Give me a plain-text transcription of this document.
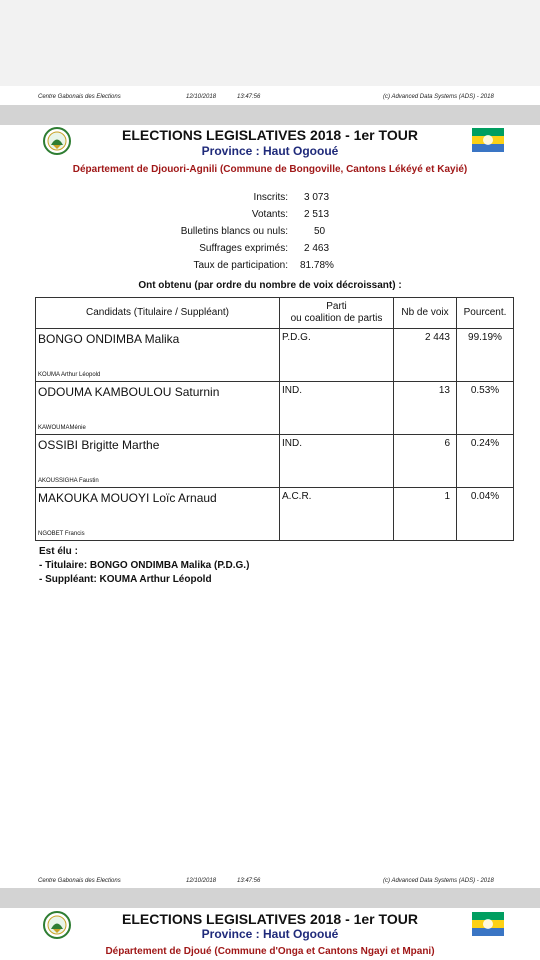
Centre Gabonais des Elections	12/10/2018	13:47:56	(c) Advanced Data Systems (ADS) - 2018
ELECTIONS LEGISLATIVES 2018 - 1er TOUR
Province : Haut Ogooué
Département de Djouori-Agnili (Commune de Bongoville, Cantons Lékéyé et Kayié)
Inscrits: 3 073
Votants: 2 513
Bulletins blancs ou nuls:	50
Suffrages exprimés: 2 463
Taux de participation: 81.78%
Ont obtenu (par ordre du nombre de voix décroissant) :
Candidats (Titulaire / Suppléant)	Parti
ou coalition de partis	Nb de voix	Pourcent.

BONGO ONDIMBA Malika
KOUMA Arthur Léopold	P.D.G.	2 443	99.19%

ODOUMA KAMBOULOU Saturnin
KAWOUMAMénie	IND.	13	0.53%

OSSIBI Brigitte Marthe
AKOUSSIGHA Faustin	IND.	6	0.24%

MAKOUKA MOUOYI Loïc Arnaud
NGOBET Francis	A.C.R.	1	0.04%
Est élu :
- Titulaire: BONGO ONDIMBA Malika (P.D.G.)
- Suppléant: KOUMA Arthur Léopold
Centre Gabonais des Elections	12/10/2018	13:47:56	(c) Advanced Data Systems (ADS) - 2018
ELECTIONS LEGISLATIVES 2018 - 1er TOUR
Province : Haut Ogooué
Département de Djoué (Commune d'Onga et Cantons Ngayi et Mpani)
